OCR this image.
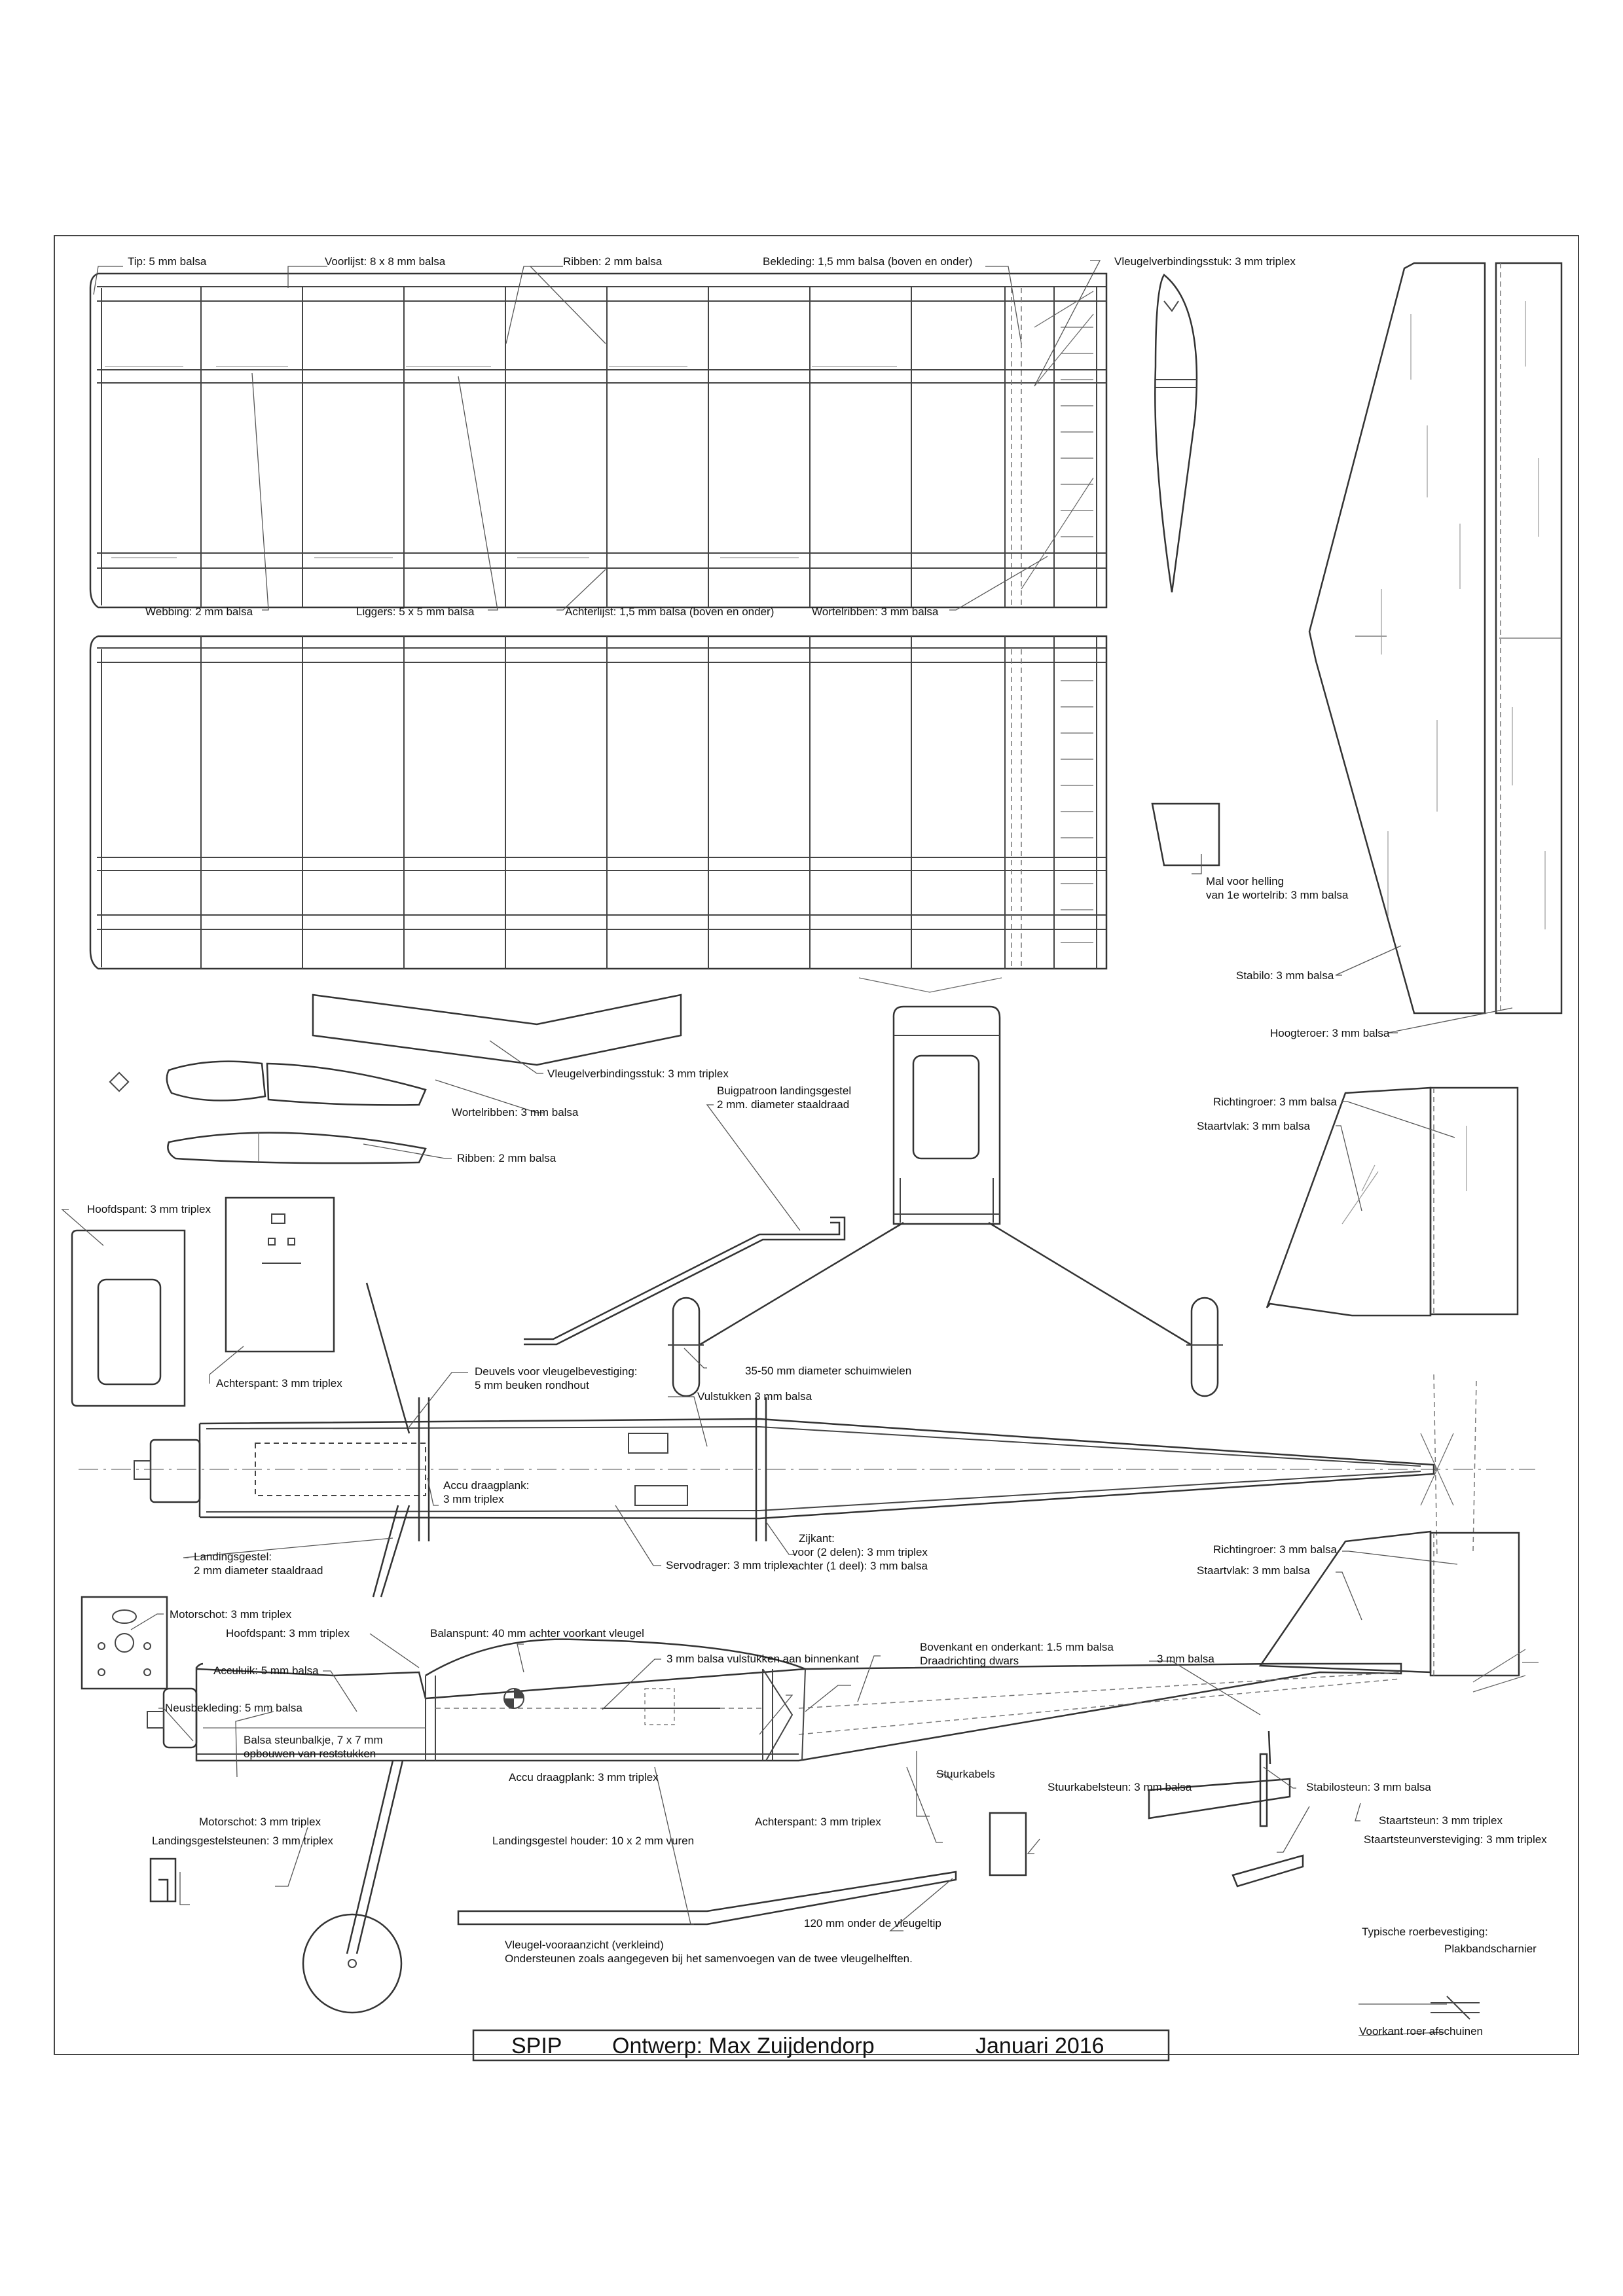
Tip: 5 mm balsa	Voorlijst: 8 x 8 mm balsa	Ribben: 2 mm balsa	Bekleding: 1,5 mm balsa (boven en onder)	Vleugelverbindingsstuk: 3 mm triplex
Webbing: 2 mm balsa	Liggers: 5 x 5 mm balsa	Achterlijst: 1,5 mm balsa (boven en onder)	Wortelribben: 3 mm balsa
Mal voor helling
van 1e wortelrib: 3 mm balsa
Stabilo: 3 mm balsa
Hoogteroer: 3 mm balsa
Vleugelverbindingsstuk: 3 mm triplex
Wortelribben: 3 mm balsa
Ribben: 2 mm balsa
Buigpatroon landingsgestel
2 mm. diameter staaldraad	Richtingroer: 3 mm balsa
Staartvlak: 3 mm balsa
Hoofdspant: 3 mm triplex
Achterspant: 3 mm triplex
35-50 mm diameter schuimwielen
Deuvels voor vleugelbevestiging:
5 mm beuken rondhout
Vulstukken 3 mm balsa
Accu draagplank:
3 mm triplex
Landingsgestel:
2 mm diameter staaldraad	Servodrager: 3 mm triplex
Zijkant:
voor (2 delen): 3 mm triplex
achter (1 deel): 3 mm balsa
Richtingroer: 3 mm balsa
Staartvlak: 3 mm balsa
Motorschot: 3 mm triplex
Hoofdspant: 3 mm triplex	Balanspunt: 40 mm achter voorkant vleugel
3 mm balsa vulstukken aan binnenkant
Bovenkant en onderkant: 1.5 mm balsa
Draadrichting dwars	3 mm balsa
Acculuik: 5 mm balsa
Neusbekleding: 5 mm balsa
Balsa steunbalkje, 7 x 7 mm
opbouwen van reststukken
Accu draagplank: 3 mm triplex	Stuurkabels
Stuurkabelsteun: 3 mm balsa	Stabilosteun: 3 mm balsa
Motorschot: 3 mm triplex
Landingsgestelsteunen: 3 mm triplex	Landingsgestel houder: 10 x 2 mm vuren
Achterspant: 3 mm triplex	Staartsteun: 3 mm triplex
Staartsteunversteviging: 3 mm triplex
120 mm onder de vleugeltip
Vleugel-vooraanzicht (verkleind)
Ondersteunen zoals aangegeven bij het samenvoegen van de twee vleugelhelften.
Typische roerbevestiging:
Plakbandscharnier
Voorkant roer afschuinen
SPIP Ontwerp: Max Zuijdendorp	Januari 2016
